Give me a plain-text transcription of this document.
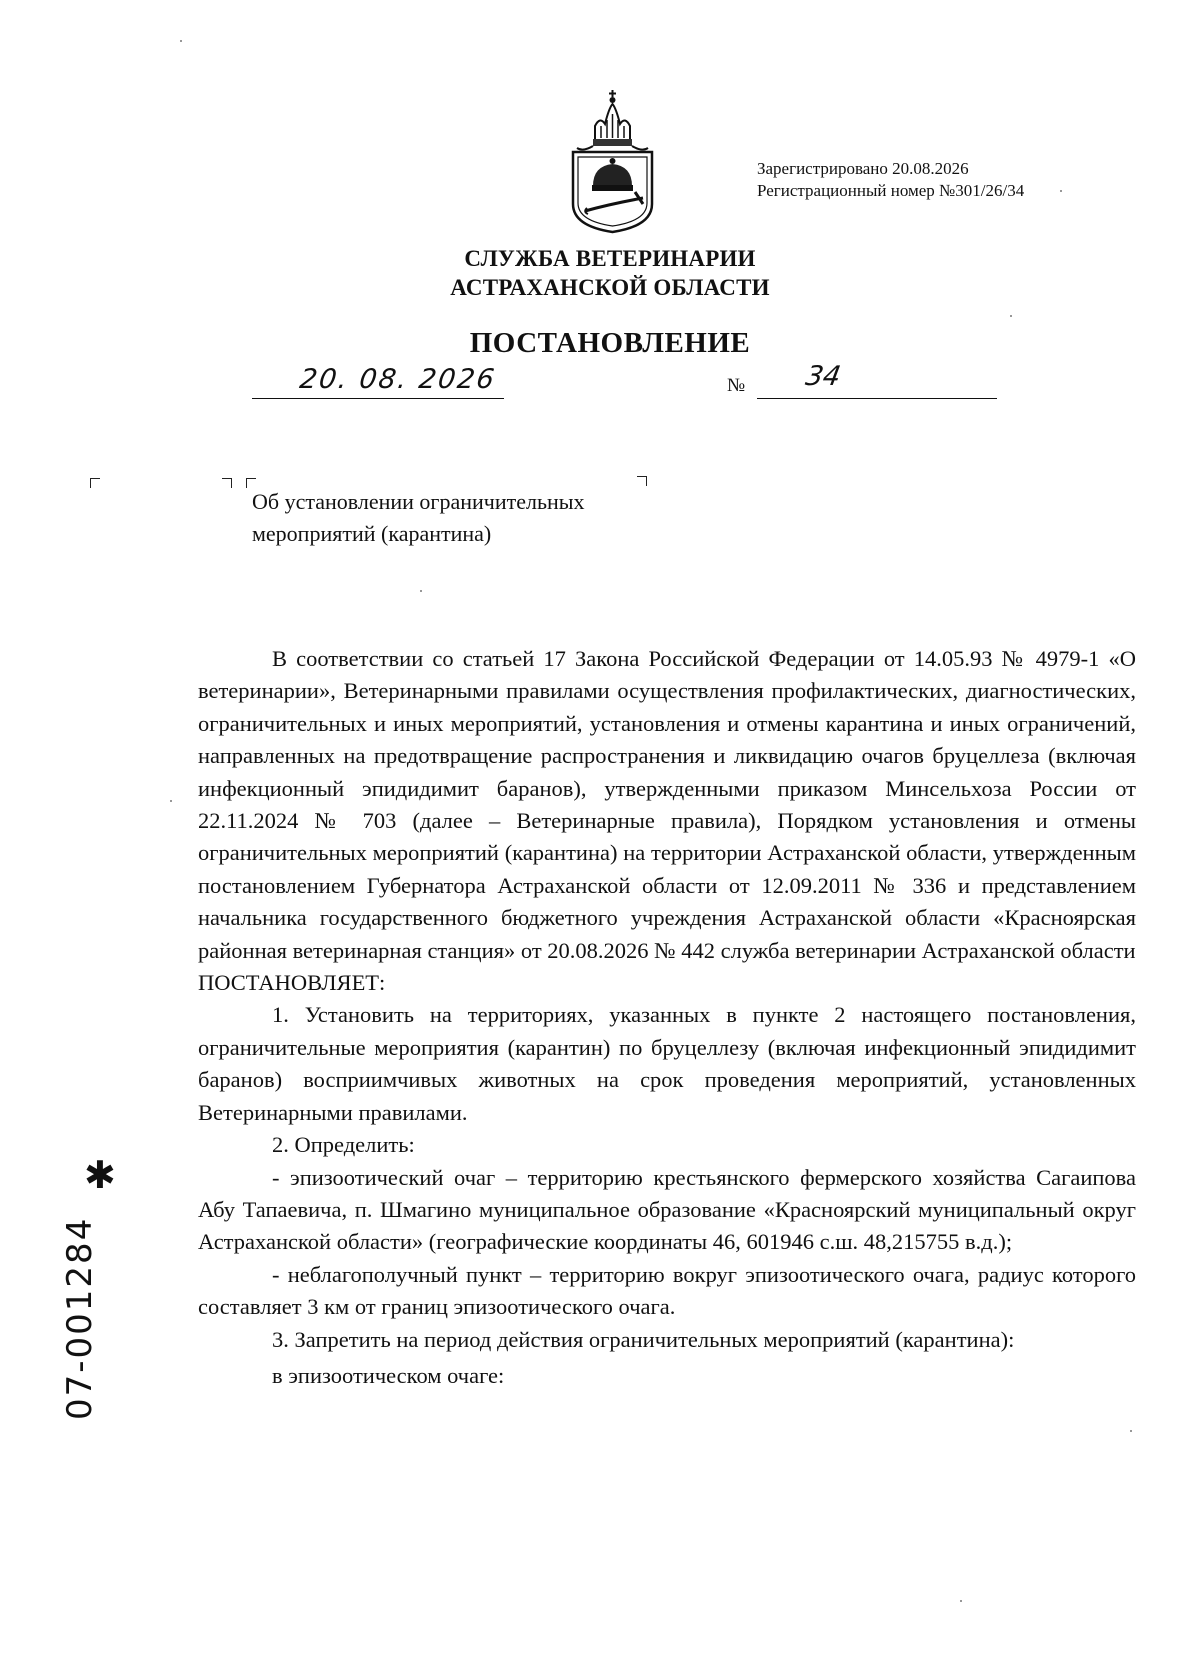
Зарегистрировано 20.08.2026
Регистрационный номер №301/26/34
СЛУЖБА ВЕТЕРИНАРИИ
АСТРАХАНСКОЙ ОБЛАСТИ
ПОСТАНОВЛЕНИЕ
20. 08. 2026	№ 34
Об установлении ограничительных
мероприятий (карантина)

В соответствии со статьей 17 Закона Российской Федерации от 14.05.93 № 4979-1 «О ветеринарии», Ветеринарными правилами осуществления профилактических, диагностических, ограничительных и иных мероприятий, установления и отмены карантина и иных ограничений, направленных на предотвращение распространения и ликвидацию очагов бруцеллеза (включая инфекционный эпидидимит баранов), утвержденными приказом Минсельхоза России от 22.11.2024 № 703 (далее – Ветеринарные правила), Порядком установления и отмены ограничительных мероприятий (карантина) на территории Астраханской области, утвержденным постановлением Губернатора Астраханской области от 12.09.2011 № 336 и представлением начальника государственного бюджетного учреждения Астраханской области «Красноярская районная ветеринарная станция» от 20.08.2026 № 442 служба ветеринарии Астраханской области

ПОСТАНОВЛЯЕТ:

1. Установить на территориях, указанных в пункте 2 настоящего постановления, ограничительные мероприятия (карантин) по бруцеллезу (включая инфекционный эпидидимит баранов) восприимчивых животных на срок проведения мероприятий, установленных Ветеринарными правилами.

2. Определить:

- эпизоотический очаг – территорию крестьянского фермерского хозяйства Сагаипова Абу Тапаевича, п. Шмагино муниципальное образование «Красноярский муниципальный округ Астраханской области» (географические координаты 46, 601946 с.ш. 48,215755 в.д.);

- неблагополучный пункт – территорию вокруг эпизоотического очага, радиус которого составляет 3 км от границ эпизоотического очага.

3. Запретить на период действия ограничительных мероприятий (карантина):

в эпизоотическом очаге:

✱
07-001284
